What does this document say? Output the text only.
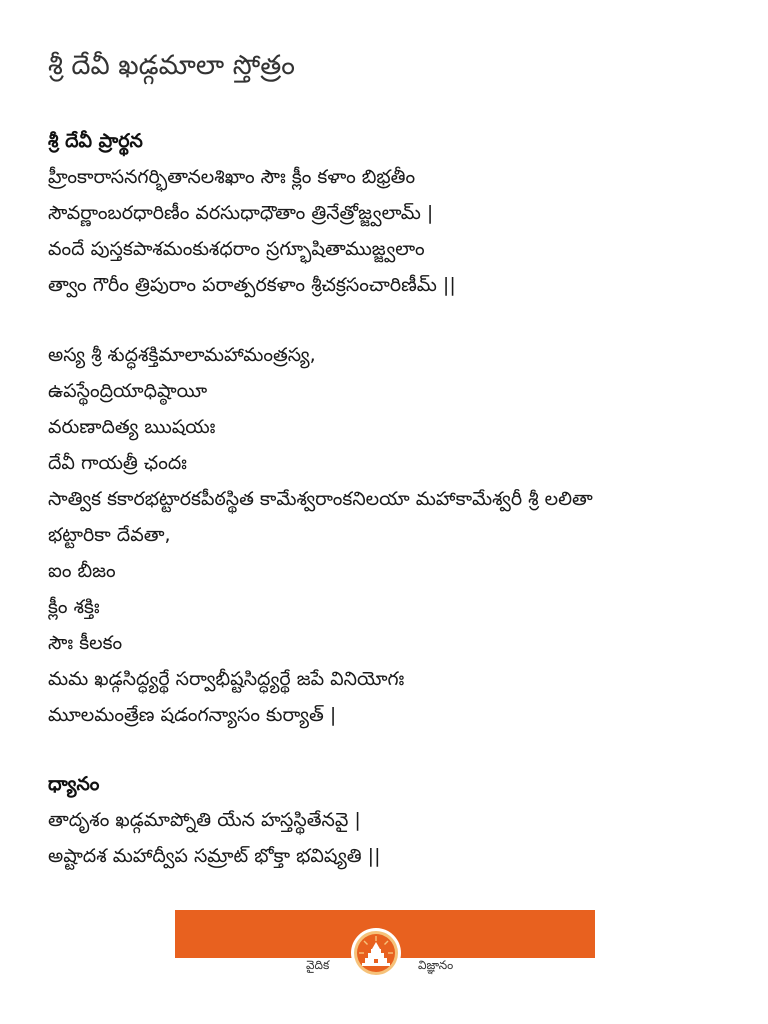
శ్రీ దేవీ ఖడ్గమాలా స్తోత్రం
శ్రీ దేవీ ప్రార్థన
హ్రీంకారాసనగర్భితానలశిఖాం సౌః క్లీం కళాం బిభ్రతీం
సౌవర్ణాంబరధారిణీం వరసుధాధౌతాం త్రినేత్రోజ్జ్వలామ్ |
వందే పుస్తకపాశమంకుశధరాం స్రగ్భూషితాముజ్జ్వలాం
త్వాం గౌరీం త్రిపురాం పరాత్పరకళాం శ్రీచక్రసంచారిణీమ్ ||
అస్య శ్రీ శుద్ధశక్తిమాలామహామంత్రస్య,
ఉపస్థేంద్రియాధిష్ఠాయీ
వరుణాదిత్య ఋషయః
దేవీ గాయత్రీ ఛందః
సాత్విక కకారభట్టారకపీఠస్థిత కామేశ్వరాంకనిలయా మహాకామేశ్వరీ శ్రీ లలితా
భట్టారికా దేవతా,
ఐం బీజం
క్లీం శక్తిః
సౌః కీలకం
మమ ఖడ్గసిద్ధ్యర్థే సర్వాభీష్టసిద్ధ్యర్థే జపే వినియోగః
మూలమంత్రేణ షడంగన్యాసం కుర్యాత్ |
ధ్యానం
తాదృశం ఖడ్గమాప్నోతి యేన హస్తస్థితేనవై |
అష్టాదశ మహాద్వీప సమ్రాట్ భోక్తా భవిష్యతి ||
వైదిక	విజ్ఞానం
